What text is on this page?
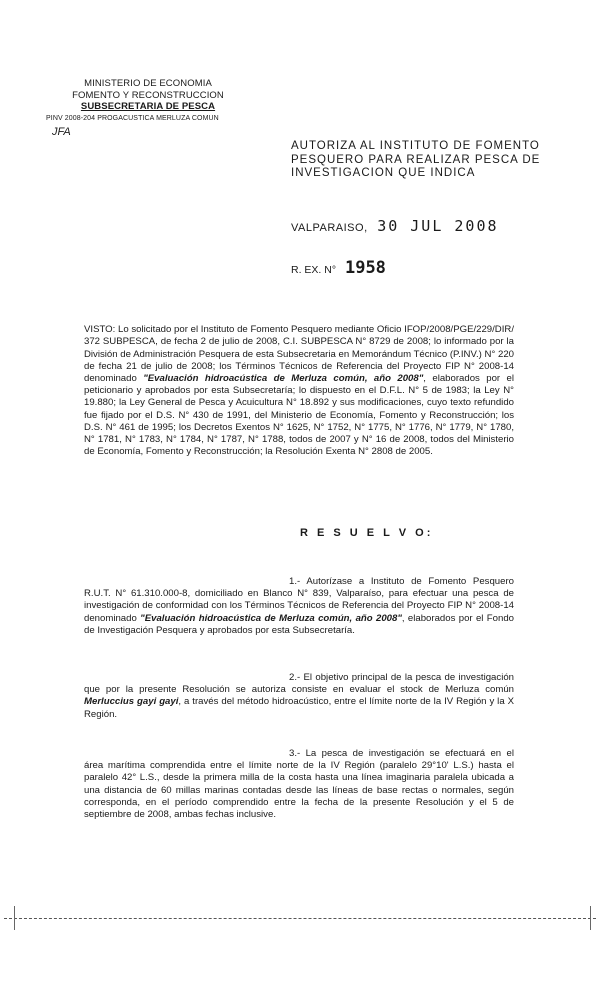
MINISTERIO DE ECONOMIA
FOMENTO Y RECONSTRUCCION
SUBSECRETARIA DE PESCA
PINV 2008-204 PROGACUSTICA MERLUZA COMUN
JFA
AUTORIZA AL INSTITUTO DE FOMENTO PESQUERO PARA REALIZAR PESCA DE INVESTIGACION QUE INDICA
VALPARAISO, 30 JUL 2008
R. EX. N° 1958
VISTO: Lo solicitado por el Instituto de Fomento Pesquero mediante Oficio IFOP/2008/PGE/229/DIR/ 372 SUBPESCA, de fecha 2 de julio de 2008, C.I. SUBPESCA N° 8729 de 2008; lo informado por la División de Administración Pesquera de esta Subsecretaria en Memorándum Técnico (P.INV.) N° 220 de fecha 21 de julio de 2008; los Términos Técnicos de Referencia del Proyecto FIP N° 2008-14 denominado "Evaluación hidroacústica de Merluza común, año 2008", elaborados por el peticionario y aprobados por esta Subsecretaría; lo dispuesto en el D.F.L. N° 5 de 1983; la Ley N° 19.880; la Ley General de Pesca y Acuicultura N° 18.892 y sus modificaciones, cuyo texto refundido fue fijado por el D.S. N° 430 de 1991, del Ministerio de Economía, Fomento y Reconstrucción; los D.S. N° 461 de 1995; los Decretos Exentos N° 1625, N° 1752, N° 1775, N° 1776, N° 1779, N° 1780, N° 1781, N° 1783, N° 1784, N° 1787, N° 1788, todos de 2007 y N° 16 de 2008, todos del Ministerio de Economía, Fomento y Reconstrucción; la Resolución Exenta N° 2808 de 2005.
R E S U E L V O:
1.- Autorízase a Instituto de Fomento Pesquero R.U.T. N° 61.310.000-8, domiciliado en Blanco N° 839, Valparaíso, para efectuar una pesca de investigación de conformidad con los Términos Técnicos de Referencia del Proyecto FIP N° 2008-14 denominado "Evaluación hidroacústica de Merluza común, año 2008", elaborados por el Fondo de Investigación Pesquera y aprobados por esta Subsecretaría.
2.- El objetivo principal de la pesca de investigación que por la presente Resolución se autoriza consiste en evaluar el stock de Merluza común Merluccius gayi gayi, a través del método hidroacústico, entre el límite norte de la IV Región y la X Región.
3.- La pesca de investigación se efectuará en el área marítima comprendida entre el límite norte de la IV Región (paralelo 29°10' L.S.) hasta el paralelo 42° L.S., desde la primera milla de la costa hasta una línea imaginaria paralela ubicada a una distancia de 60 millas marinas contadas desde las líneas de base rectas o normales, según corresponda, en el período comprendido entre la fecha de la presente Resolución y el 5 de septiembre de 2008, ambas fechas inclusive.
